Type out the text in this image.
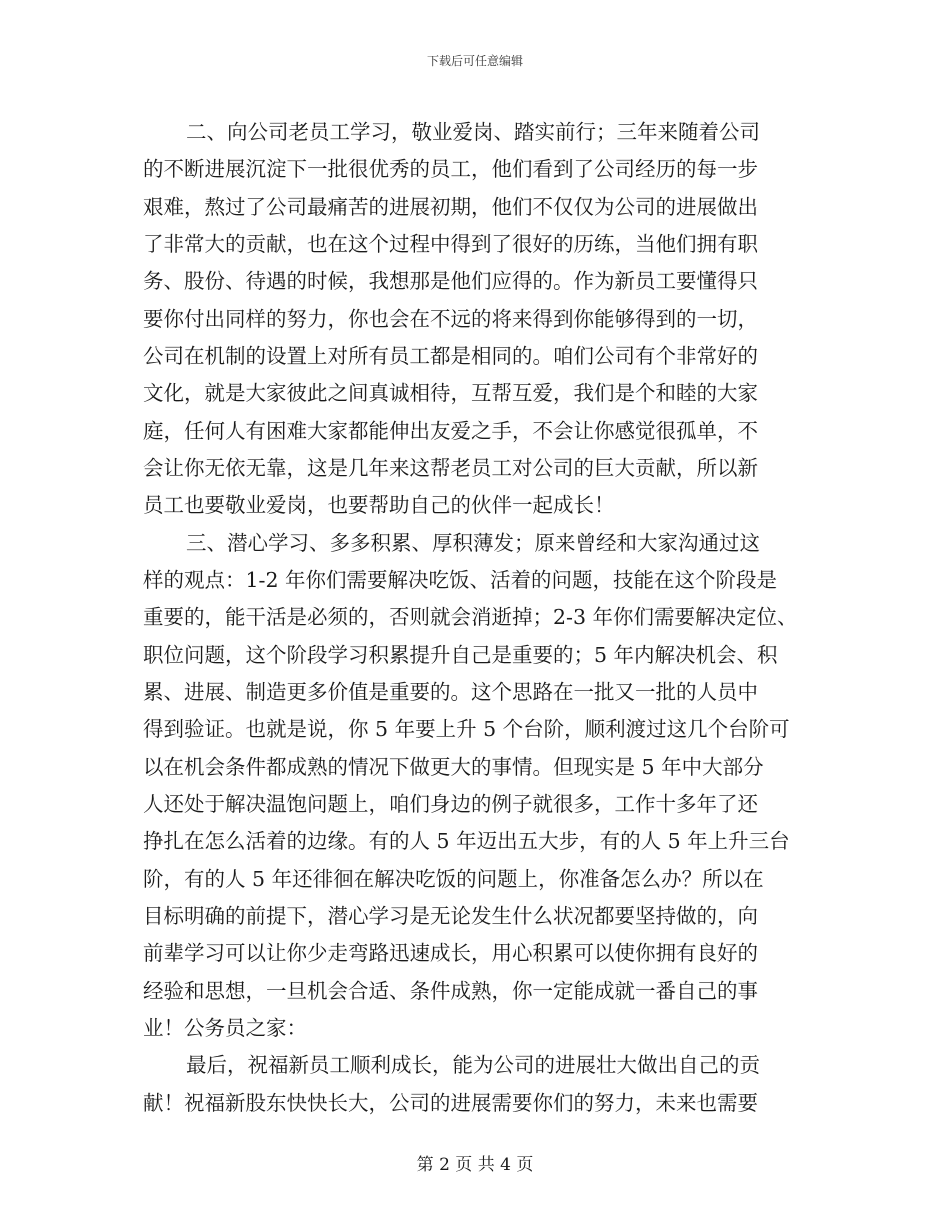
下载后可任意编辑
二、向公司老员工学习，敬业爱岗、踏实前行；三年来随着公司
的不断进展沉淀下一批很优秀的员工，他们看到了公司经历的每一步
艰难，熬过了公司最痛苦的进展初期，他们不仅仅为公司的进展做出
了非常大的贡献，也在这个过程中得到了很好的历练，当他们拥有职
务、股份、待遇的时候，我想那是他们应得的。作为新员工要懂得只
要你付出同样的努力，你也会在不远的将来得到你能够得到的一切，
公司在机制的设置上对所有员工都是相同的。咱们公司有个非常好的
文化，就是大家彼此之间真诚相待，互帮互爱，我们是个和睦的大家
庭，任何人有困难大家都能伸出友爱之手，不会让你感觉很孤单，不
会让你无依无靠，这是几年来这帮老员工对公司的巨大贡献，所以新
员工也要敬业爱岗，也要帮助自己的伙伴一起成长！
三、潜心学习、多多积累、厚积薄发；原来曾经和大家沟通过这
样的观点：1-2 年你们需要解决吃饭、活着的问题，技能在这个阶段是
重要的，能干活是必须的，否则就会消逝掉；2-3 年你们需要解决定位、
职位问题，这个阶段学习积累提升自己是重要的；5 年内解决机会、积
累、进展、制造更多价值是重要的。这个思路在一批又一批的人员中
得到验证。也就是说，你 5 年要上升 5 个台阶，顺利渡过这几个台阶可
以在机会条件都成熟的情况下做更大的事情。但现实是 5 年中大部分
人还处于解决温饱问题上，咱们身边的例子就很多，工作十多年了还
挣扎在怎么活着的边缘。有的人 5 年迈出五大步，有的人 5 年上升三台
阶，有的人 5 年还徘徊在解决吃饭的问题上，你准备怎么办？所以在
目标明确的前提下，潜心学习是无论发生什么状况都要坚持做的，向
前辈学习可以让你少走弯路迅速成长，用心积累可以使你拥有良好的
经验和思想，一旦机会合适、条件成熟，你一定能成就一番自己的事
业！公务员之家：
最后，祝福新员工顺利成长，能为公司的进展壮大做出自己的贡
献！祝福新股东快快长大，公司的进展需要你们的努力，未来也需要
第 2 页 共 4 页
